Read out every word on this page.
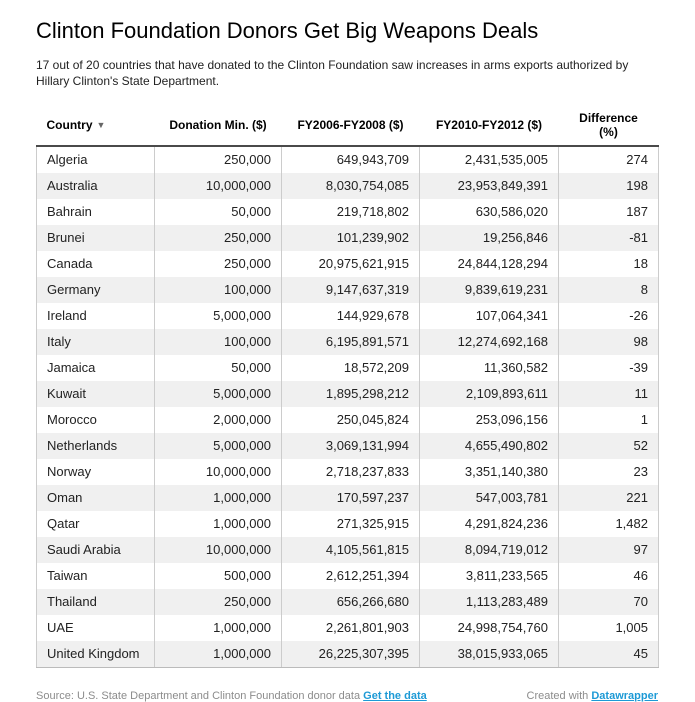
Clinton Foundation Donors Get Big Weapons Deals

17 out of 20 countries that have donated to the Clinton Foundation saw increases in arms exports authorized by Hillary Clinton's State Department.

Country ▼	Donation Min. ($)	FY2006-FY2008 ($)	FY2010-FY2012 ($)	Difference (%)
Algeria	250,000	649,943,709	2,431,535,005	274
Australia	10,000,000	8,030,754,085	23,953,849,391	198
Bahrain	50,000	219,718,802	630,586,020	187
Brunei	250,000	101,239,902	19,256,846	-81
Canada	250,000	20,975,621,915	24,844,128,294	18
Germany	100,000	9,147,637,319	9,839,619,231	8
Ireland	5,000,000	144,929,678	107,064,341	-26
Italy	100,000	6,195,891,571	12,274,692,168	98
Jamaica	50,000	18,572,209	11,360,582	-39
Kuwait	5,000,000	1,895,298,212	2,109,893,611	11
Morocco	2,000,000	250,045,824	253,096,156	1
Netherlands	5,000,000	3,069,131,994	4,655,490,802	52
Norway	10,000,000	2,718,237,833	3,351,140,380	23
Oman	1,000,000	170,597,237	547,003,781	221
Qatar	1,000,000	271,325,915	4,291,824,236	1,482
Saudi Arabia	10,000,000	4,105,561,815	8,094,719,012	97
Taiwan	500,000	2,612,251,394	3,811,233,565	46
Thailand	250,000	656,266,680	1,113,283,489	70
UAE	1,000,000	2,261,801,903	24,998,754,760	1,005
United Kingdom	1,000,000	26,225,307,395	38,015,933,065	45
Source: U.S. State Department and Clinton Foundation donor data Get the data	Created with Datawrapper
